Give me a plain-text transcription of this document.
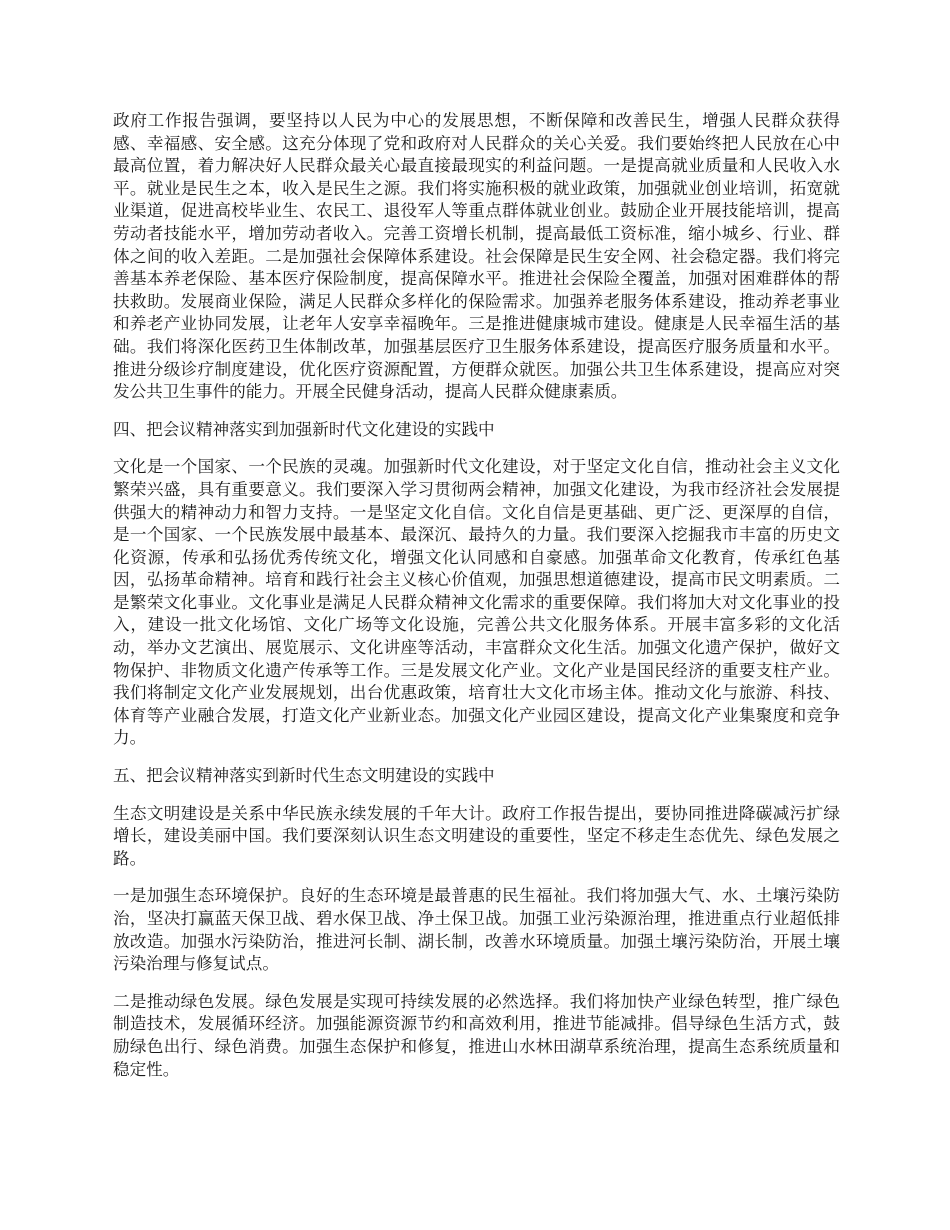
政府工作报告强调，要坚持以人民为中心的发展思想，不断保障和改善民生，增强人民群众获得感、幸福感、安全感。这充分体现了党和政府对人民群众的关心关爱。我们要始终把人民放在心中最高位置，着力解决好人民群众最关心最直接最现实的利益问题。一是提高就业质量和人民收入水平。就业是民生之本，收入是民生之源。我们将实施积极的就业政策，加强就业创业培训，拓宽就业渠道，促进高校毕业生、农民工、退役军人等重点群体就业创业。鼓励企业开展技能培训，提高劳动者技能水平，增加劳动者收入。完善工资增长机制，提高最低工资标准，缩小城乡、行业、群体之间的收入差距。二是加强社会保障体系建设。社会保障是民生安全网、社会稳定器。我们将完善基本养老保险、基本医疗保险制度，提高保障水平。推进社会保险全覆盖，加强对困难群体的帮扶救助。发展商业保险，满足人民群众多样化的保险需求。加强养老服务体系建设，推动养老事业和养老产业协同发展，让老年人安享幸福晚年。三是推进健康城市建设。健康是人民幸福生活的基础。我们将深化医药卫生体制改革，加强基层医疗卫生服务体系建设，提高医疗服务质量和水平。推进分级诊疗制度建设，优化医疗资源配置，方便群众就医。加强公共卫生体系建设，提高应对突发公共卫生事件的能力。开展全民健身活动，提高人民群众健康素质。

四、把会议精神落实到加强新时代文化建设的实践中

文化是一个国家、一个民族的灵魂。加强新时代文化建设，对于坚定文化自信，推动社会主义文化繁荣兴盛，具有重要意义。我们要深入学习贯彻两会精神，加强文化建设，为我市经济社会发展提供强大的精神动力和智力支持。一是坚定文化自信。文化自信是更基础、更广泛、更深厚的自信，是一个国家、一个民族发展中最基本、最深沉、最持久的力量。我们要深入挖掘我市丰富的历史文化资源，传承和弘扬优秀传统文化，增强文化认同感和自豪感。加强革命文化教育，传承红色基因，弘扬革命精神。培育和践行社会主义核心价值观，加强思想道德建设，提高市民文明素质。二是繁荣文化事业。文化事业是满足人民群众精神文化需求的重要保障。我们将加大对文化事业的投入，建设一批文化场馆、文化广场等文化设施，完善公共文化服务体系。开展丰富多彩的文化活动，举办文艺演出、展览展示、文化讲座等活动，丰富群众文化生活。加强文化遗产保护，做好文物保护、非物质文化遗产传承等工作。三是发展文化产业。文化产业是国民经济的重要支柱产业。我们将制定文化产业发展规划，出台优惠政策，培育壮大文化市场主体。推动文化与旅游、科技、体育等产业融合发展，打造文化产业新业态。加强文化产业园区建设，提高文化产业集聚度和竞争力。

五、把会议精神落实到新时代生态文明建设的实践中

生态文明建设是关系中华民族永续发展的千年大计。政府工作报告提出，要协同推进降碳减污扩绿增长，建设美丽中国。我们要深刻认识生态文明建设的重要性，坚定不移走生态优先、绿色发展之路。

一是加强生态环境保护。良好的生态环境是最普惠的民生福祉。我们将加强大气、水、土壤污染防治，坚决打赢蓝天保卫战、碧水保卫战、净土保卫战。加强工业污染源治理，推进重点行业超低排放改造。加强水污染防治，推进河长制、湖长制，改善水环境质量。加强土壤污染防治，开展土壤污染治理与修复试点。

二是推动绿色发展。绿色发展是实现可持续发展的必然选择。我们将加快产业绿色转型，推广绿色制造技术，发展循环经济。加强能源资源节约和高效利用，推进节能减排。倡导绿色生活方式，鼓励绿色出行、绿色消费。加强生态保护和修复，推进山水林田湖草系统治理，提高生态系统质量和稳定性。
